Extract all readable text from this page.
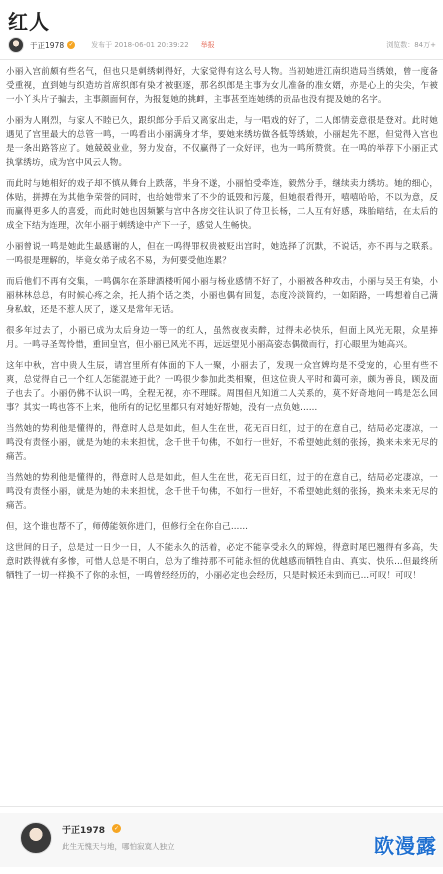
红人
于正1978 ✓ 发布于 2018-06-01 20:39:22 举报	浏览数：84万+

小丽入宫前颇有些名气，但也只是刺绣刺得好，大家觉得有这么号人物。当初她进江南织造局当绣娘，曾一度备受重视，直到她与织造坊首席织郎有染才被驱逐，那名织郎是主事为女儿准备的准女婿，亦是心上的尖尖，乍被一小丫头片子骗去，主事颜面何存，为报复她的挑衅，主事甚至连她绣的贡品也没有提及她的名字。

小丽为人刚烈，与家人不睦已久，跟织郎分手后又离家出走，与一唱戏的好了，二人郎情妾意很是登对。此时她遇见了宫里最大的总管一鸣，一鸣看出小丽满身才华，要她来绣坊做各低等绣娘，小丽起先不愿，但觉得入宫也是一条出路答应了。她兢兢业业，努力发奋，不仅赢得了一众好评，也为一鸣所赞赏。在一鸣的举荐下小丽正式执掌绣坊，成为宫中风云人物。

而此时与她相好的戏子却不慎从舞台上跌落，半身不遂，小丽怕受牵连，毅然分手，继续卖力绣坊。她的细心，体贴，拼搏在为其他争荣誉的同时，也给她带来了不少的诋毁和污蔑，但她很看得开，嘻嘻哈哈，不以为意，反而赢得更多人的喜爱，而此时她也因频繁与宫中各房交往认识了侍卫长杨，二人互有好感，珠胎暗结，在太后的成全下结为连理，次年小丽于刺绣途中产下一子，感觉人生畅快。

小丽曾说一鸣是她此生最感谢的人，但在一鸣得罪权贵被贬出宫时，她选择了沉默，不说话，亦不再与之联系。一鸣很是理解的，毕竟女弟子成名不易，为何要受他连累？

而后他们不再有交集，一鸣偶尔在茶肆酒楼听闻小丽与杨业感情不好了，小丽被各种攻击，小丽与吴王有染，小丽林林总总，有时候心疼之余，托人捎个话之类，小丽也偶有回复，态度冷淡简约，一如陌路，一鸣想着自己满身私蚊，还是不惹人厌了，遂又是常年无话。

很多年过去了，小丽已成为太后身边一等一的红人，虽然夜夜卖醉，过得未必快乐，但面上风光无限，众星捧月。一鸣寻圣驾怜惜，重回皇宫，但小丽已风光不再，远远望见小丽高姿态偶微而行，打心眼里为她高兴。

这年中秋，宫中贵人生辰，请宫里所有体面的下人一聚，小丽去了，发现一众宫婢均是不受宠的，心里有些不爽，总觉得自己一个红人怎能混迹于此？一鸣很少参加此类相聚，但这位贵人平时和蔼可亲，颇为善良，顾及面子也去了。小丽仍佛不认识一鸣，全程无视，亦不理睬。周围但凡知道二人关系的，莫不好奇地问一鸣是怎么回事？其实一鸣也答不上来，他所有的记忆里都只有对她好帮她，没有一点负她……

当然她的势利他是懂得的，得意时人总是如此，但人生在世，花无百日红，过于的在意自己，结局必定凄凉，一鸣没有责怪小丽，就是为她的未来担忧，念千世千句佛，不如行一世好，不希望她此刻的张扬，换来未来无尽的痛苦。

当然她的势利他是懂得的，得意时人总是如此，但人生在世，花无百日红，过于的在意自己，结局必定凄凉，一鸣没有责怪小丽，就是为她的未来担忧，念千世千句佛，不如行一世好，不希望她此刻的张扬，换来未来无尽的痛苦。

但，这个谁也帮不了，师傅能领你进门，但修行全在你自己……

这世间的日子，总是过一日少一日，人不能永久的活着，必定不能享受永久的辉煌，得意时尾巴翘得有多高，失意时跌得就有多惨，可惜人总是不明白，总为了维持那不可能永恒的优越感而牺牲自由、真实、快乐…但最终所牺牲了一切一样换不了你的永恒，一鸣曾经经历的，小丽必定也会经历，只是时候还未到而已…可叹！可叹！

于正1978	✓
此生无愧天与地，哪怕寂寞人独立	欧漫露
